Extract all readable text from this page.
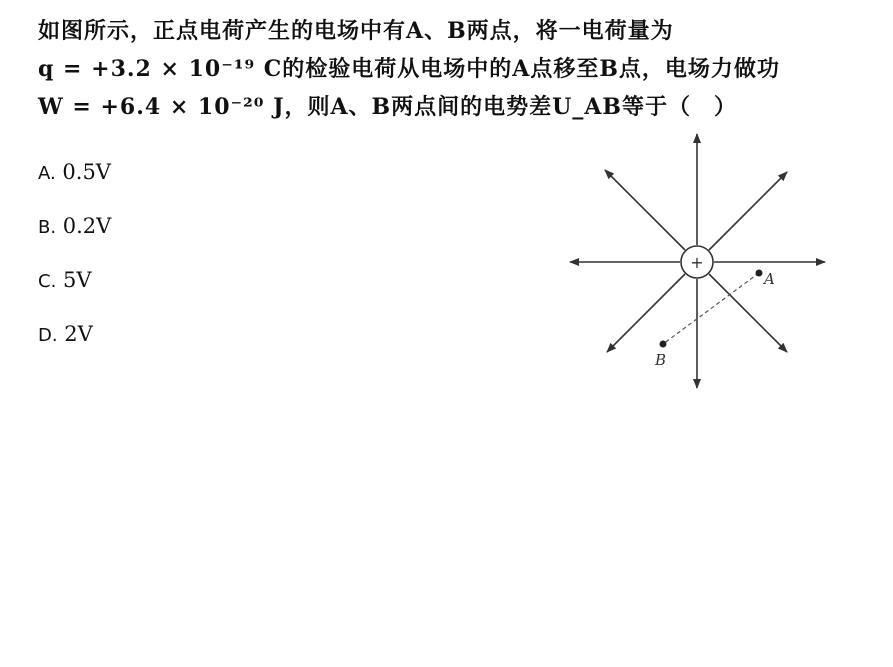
如图所示，正点电荷产生的电场中有A、B两点，将一电荷量为
q = +3.2 × 10⁻¹⁹ C的检验电荷从电场中的A点移至B点，电场力做功
W = +6.4 × 10⁻²⁰ J，则A、B两点间的电势差U_AB等于（　）
A. 0.5V
B. 0.2V
C. 5V
D. 2V
+
A
B
